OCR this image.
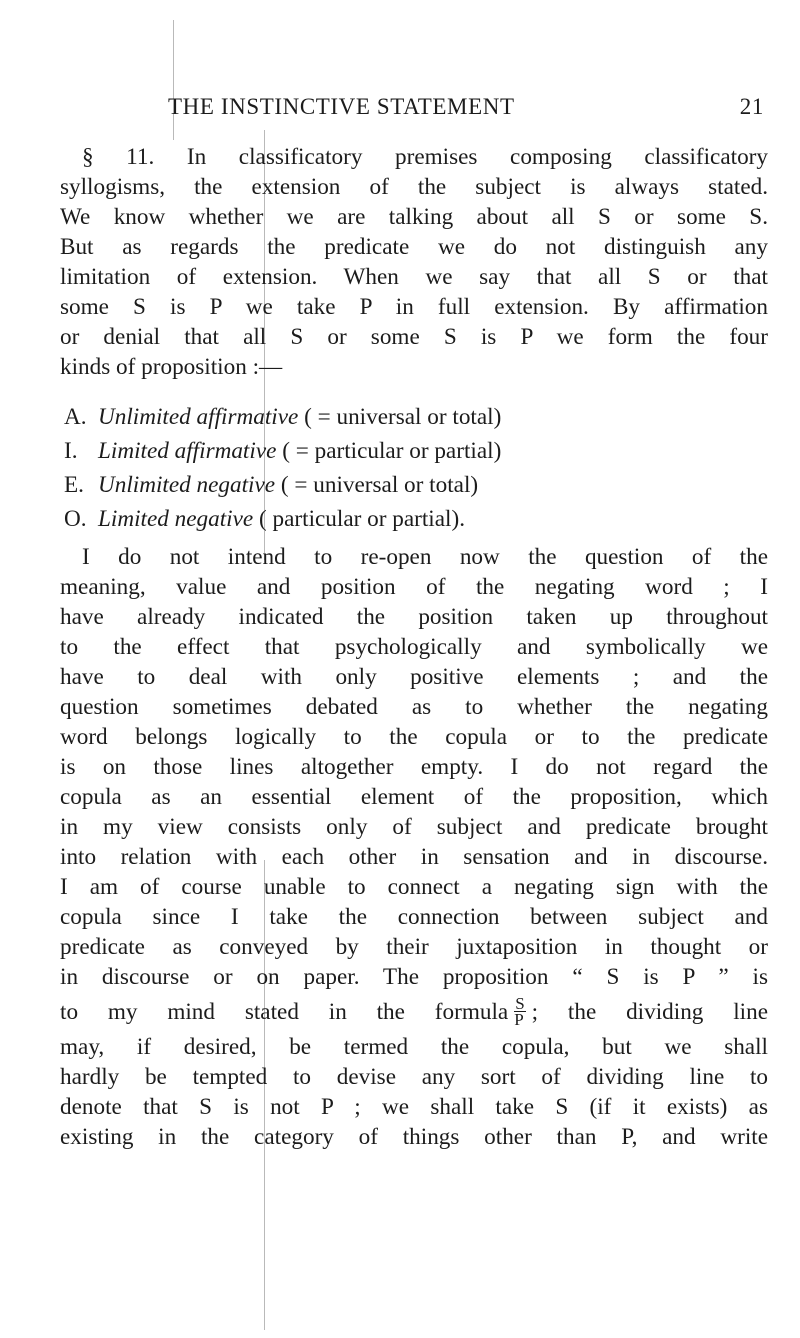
THE INSTINCTIVE STATEMENT	21
§ 11. In classificatory premises composing classificatory
syllogisms, the extension of the subject is always stated.
We know whether we are talking about all S or some S.
But as regards the predicate we do not distinguish any
limitation of extension. When we say that all S or that
some S is P we take P in full extension. By affirmation
or denial that all S or some S is P we form the four
kinds of proposition :—
A. Unlimited affirmative ( = universal or total)
I. Limited affirmative ( = particular or partial)
E. Unlimited negative ( = universal or total)
O. Limited negative ( particular or partial).
I do not intend to re-open now the question of the
meaning, value and position of the negating word ; I
have already indicated the position taken up throughout
to the effect that psychologically and symbolically we
have to deal with only positive elements ; and the
question sometimes debated as to whether the negating
word belongs logically to the copula or to the predicate
is on those lines altogether empty. I do not regard the
copula as an essential element of the proposition, which
in my view consists only of subject and predicate brought
into relation with each other in sensation and in discourse.
I am of course unable to connect a negating sign with the
copula since I take the connection between subject and
predicate as conveyed by their juxtaposition in thought or
in discourse or on paper. The proposition “ S is P ” is
to my mind stated in the formula $\frac{S}{P}$ ; the dividing line
may, if desired, be termed the copula, but we shall
hardly be tempted to devise any sort of dividing line to
denote that S is not P ; we shall take S (if it exists) as
existing in the category of things other than P, and write
